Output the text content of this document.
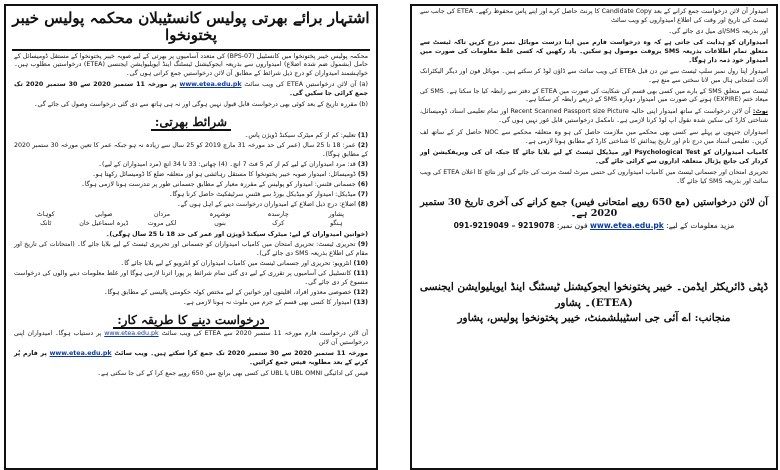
اشتہار برائے بھرتی پولیس کانسٹیبلان محکمہ پولیس خیبر پختونخوا

محکمہ پولیس خیبر پختونخوا میں کانسٹیبل (BPS-07) کی متعدد آسامیوں پر بھرتی کے لیے صوبہ خیبر پختونخوا کے مستقل ڈومیسائل کے حامل (بشمول ضم شدہ اضلاع) امیدواروں سے بذریعہ ایجوکیشنل ٹیسٹنگ اینڈ ایویلیوایشن ایجنسی (ETEA) درخواستیں مطلوب ہیں۔ خواہشمند امیدواران کو درج ذیل شرائط کے مطابق آن لائن درخواستیں جمع کرانی ہوں گی۔

(a) آن لائن درخواستیں ETEA کی ویب سائٹ www.etea.edu.pk پر مورخہ 11 ستمبر 2020 سے 30 ستمبر 2020 تک جمع کرائی جا سکیں گی۔

(b) مقررہ تاریخ کے بعد کوئی بھی درخواست قابل قبول نہیں ہوگی اور نہ ہی ہاتھ سے دی گئی درخواست وصول کی جائے گی۔

شرائط بھرتی:
(1) تعلیم: کم از کم میٹرک سیکنڈ ڈویژن پاس۔
(2) عمر: 18 تا 25 سال (عمر کی حد مورخہ 31 مارچ 2019 کو 25 سال سے زیادہ نہ ہو جبکہ عمر کا تعین مورخہ 30 ستمبر 2020 کے مطابق ہوگا)۔
(3) قد: مرد امیدواران کے لیے کم از کم 5 فٹ 7 انچ۔ (4) چھاتی: 33 تا 34 انچ (مرد امیدواران کے لیے)۔
(5) ڈومیسائل: امیدوار صوبہ خیبر پختونخوا کا مستقل رہائشی ہو اور متعلقہ ضلع کا ڈومیسائل رکھتا ہو۔
(6) جسمانی فٹنس: امیدوار کو پولیس کے مقررہ معیار کے مطابق جسمانی طور پر تندرست ہونا لازمی ہوگا۔
(7) میڈیکل: امیدوار کو میڈیکل بورڈ سے فٹنس سرٹیفکیٹ حاصل کرنا ہوگا۔
(8) اضلاع: درج ذیل اضلاع کے امیدواران درخواست دینے کے اہل ہوں گے۔
پشاور
چارسدہ
نوشہرہ
مردان
صوابی
کوہاٹ
ہنگو
کرک
بنوں
لکی مروت
ڈیرہ اسماعیل خان
ٹانک

(خواتین امیدواران کے لیے: میٹرک سیکنڈ ڈویژن اور عمر کی حد 18 تا 25 سال ہوگی)۔

(9) تحریری ٹیسٹ: تحریری امتحان میں کامیاب امیدواران کو جسمانی اور تحریری ٹیسٹ کے لیے بلایا جائے گا۔ (امتحانات کی تاریخ اور مقام کی اطلاع بذریعہ SMS دی جائے گی)۔
(10) انٹرویو: تحریری اور جسمانی ٹیسٹ میں کامیاب امیدواران کو انٹرویو کے لیے بلایا جائے گا۔
(11) کانسٹیبل کی آسامیوں پر تقرری کے لیے دی گئی تمام شرائط پر پورا اترنا لازمی ہوگا اور غلط معلومات دینے والوں کی درخواست منسوخ کر دی جائے گی۔
(12) خصوصی معذور افراد، اقلیتوں اور خواتین کے لیے مختص کوٹہ حکومتی پالیسی کے مطابق ہوگا۔
(13) امیدوار کا کسی بھی قسم کے جرم میں ملوث نہ ہونا لازمی ہے۔
درخواست دینے کا طریقہ کار:

آن لائن درخواست فارم مورخہ 11 ستمبر 2020 سے ETEA کی ویب سائٹ www.etea.edu.pk پر دستیاب ہوگا۔ امیدواران اپنی درخواستیں آن لائن

مورخہ 11 ستمبر 2020 سے 30 ستمبر 2020 تک جمع کرا سکتے ہیں۔ ویب سائٹ www.etea.edu.pk پر فارم پُر کرنے کے بعد مطلوبہ فیس جمع کرائیں۔

فیس کی ادائیگی UBL OMNI یا UBL کی کسی بھی برانچ میں 650 روپے جمع کرا کے کی جا سکتی ہے۔

امیدوار آن لائن درخواست جمع کرانے کے بعد Candidate Copy کا پرنٹ حاصل کرے اور اپنے پاس محفوظ رکھے۔ ETEA کی جانب سے ٹیسٹ کی تاریخ اور وقت کی اطلاع امیدواروں کو ویب سائٹ

اور بذریعہ SMS/ای میل دی جائے گی۔

امیدواران کو ہدایت کی جاتی ہے کہ وہ درخواست فارم میں اپنا درست موبائل نمبر درج کریں تاکہ ٹیسٹ سے متعلق تمام اطلاعات بذریعہ SMS بروقت موصول ہو سکیں۔ یاد رکھیں کہ کسی غلط معلومات کی صورت میں امیدوار خود ذمہ دار ہوگا۔

امیدوار اپنا رول نمبر سلپ ٹیسٹ سے تین دن قبل ETEA کی ویب سائٹ سے ڈاؤن لوڈ کر سکتے ہیں۔ موبائل فون اور دیگر الیکٹرانک آلات امتحانی ہال میں لانا سختی سے منع ہے۔

ٹیسٹ سے متعلق SMS کے بارے میں کسی بھی قسم کی شکایت کی صورت میں ETEA کے دفتر سے رابطہ کیا جا سکتا ہے۔ SMS کی میعاد ختم (EXPIRE) ہونے کی صورت میں امیدوار دوبارہ SMS کے ذریعے رابطہ کر سکتا ہے۔

نوٹ: آن لائن درخواست کے ساتھ امیدوار اپنی حالیہ Recent Scanned Passport size Picture اور تمام تعلیمی اسناد، ڈومیسائل، شناختی کارڈ کی سکین شدہ نقول اپ لوڈ کرنا لازمی ہے۔ نامکمل درخواستیں قابل غور نہیں ہوں گی۔

امیدواران جنہوں نے پہلے سے کسی بھی محکمے میں ملازمت حاصل کی ہو وہ متعلقہ محکمے سے NOC حاصل کر کے ساتھ لف کریں۔ تعلیمی اسناد میں درج نام اور تاریخ پیدائش کا شناختی کارڈ کے مطابق ہونا لازمی ہے۔

کامیاب امیدواران کو Psychological Test اور میڈیکل ٹیسٹ کے لیے بلایا جائے گا جبکہ ان کی ویریفکیشن اور کردار کی جانچ پڑتال متعلقہ اداروں سے کرائی جائے گی۔

تحریری امتحان اور جسمانی ٹیسٹ میں کامیاب امیدواروں کی حتمی میرٹ لسٹ مرتب کی جائے گی اور نتائج کا اعلان ETEA کی ویب سائٹ اور بذریعہ SMS کیا جائے گا۔

آن لائن درخواستیں (مع 650 روپے امتحانی فیس) جمع کرانے کی آخری تاریخ 30 ستمبر 2020 ہے۔
مزید معلومات کے لیے: www.etea.edu.pk فون نمبر: 091-9219049 – 9219078
ڈپٹی ڈائریکٹر ایڈمن۔ خیبر پختونخوا ایجوکیشنل ٹیسٹنگ اینڈ ایویلیوایشن ایجنسی (ETEA)۔ پشاور
منجانب: اے آئی جی اسٹیبلشمنٹ، خیبر پختونخوا پولیس، پشاور
